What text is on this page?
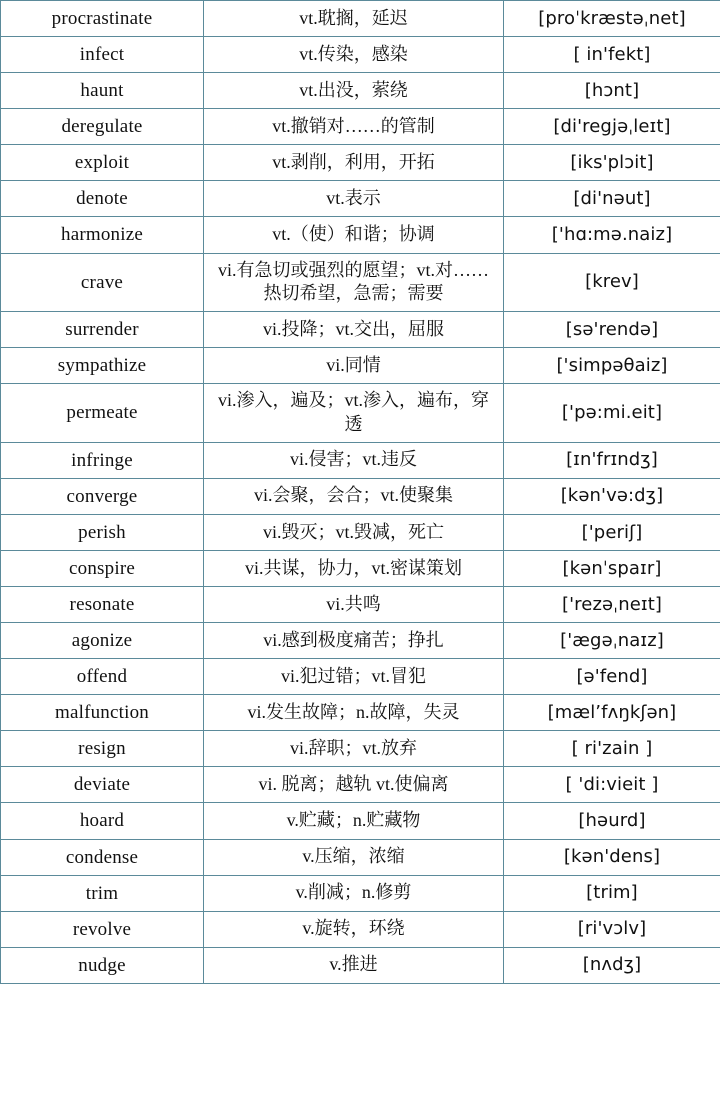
procrastinate	vt.耽搁，延迟	[proˈkræstəˌnet]
infect	vt.传染，感染	[ in'fekt]
haunt	vt.出没，萦绕	[hɔnt]
deregulate	vt.撤销对……的管制	[di'regjəˌleɪt]
exploit	vt.剥削，利用，开拓	[iks'plɔit]
denote	vt.表示	[di'nəut]
harmonize	vt.（使）和谐；协调	['hɑ:mə.naiz]
crave	vi.有急切或强烈的愿望；vt.对……热切希望，急需；需要	[krev]
surrender	vi.投降；vt.交出，屈服	[sə'rendə]
sympathize	vi.同情	['simpəθaiz]
permeate	vi.渗入，遍及；vt.渗入，遍布，穿透	['pə:mi.eit]
infringe	vi.侵害；vt.违反	[ɪn'frɪndʒ]
converge	vi.会聚，会合；vt.使聚集	[kən'və:dʒ]
perish	vi.毁灭；vt.毁减，死亡	['periʃ]
conspire	vi.共谋，协力，vt.密谋策划	[kənˈspaɪr]
resonate	vi.共鸣	['rezəˌneɪt]
agonize	vi.感到极度痛苦；挣扎	['ægəˌnaɪz]
offend	vi.犯过错；vt.冒犯	[ə'fend]
malfunction	vi.发生故障；n.故障，失灵	[mæl’fʌŋkʃən]
resign	vi.辞职；vt.放弃	[ ri'zain ]
deviate	vi. 脱离；越轨 vt.使偏离	[ 'di:vieit ]
hoard	v.贮藏；n.贮藏物	[həurd]
condense	v.压缩，浓缩	[kən'dens]
trim	v.削减；n.修剪	[trim]
revolve	v.旋转，环绕	[ri'vɔlv]
nudge	v.推进	[nʌdʒ]
